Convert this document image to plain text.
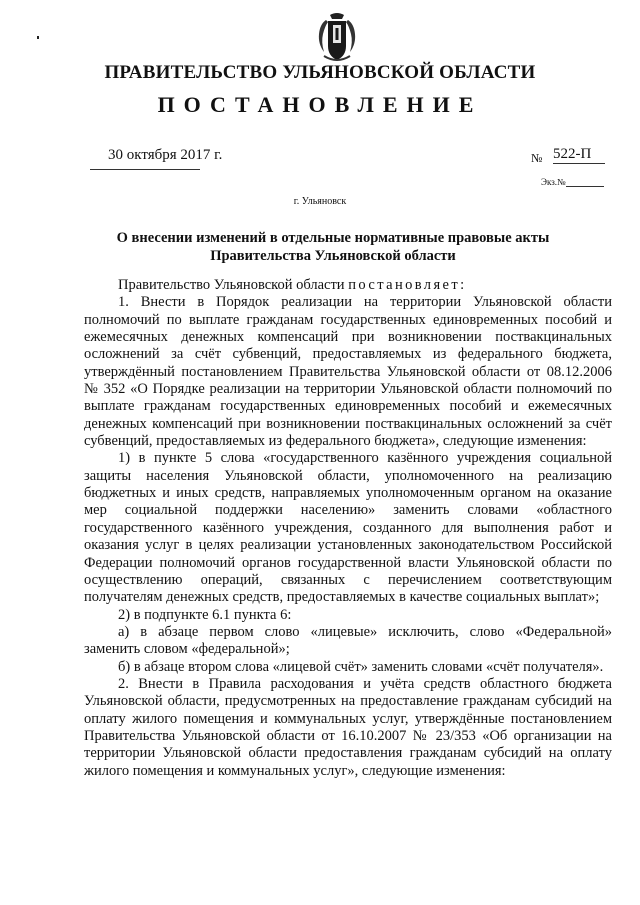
ПРАВИТЕЛЬСТВО УЛЬЯНОВСКОЙ ОБЛАСТИ
ПОСТАНОВЛЕНИЕ
30 октября 2017 г.	№ 522-П
Экз.№
г. Ульяновск
О внесении изменений в отдельные нормативные правовые акты
Правительства Ульяновской области

Правительство Ульяновской области постановляет:

1. Внести в Порядок реализации на территории Ульяновской области полномочий по выплате гражданам государственных единовременных пособий и ежемесячных денежных компенсаций при возникновении поствакцинальных осложнений за счёт субвенций, предоставляемых из федерального бюджета, утверждённый постановлением Правительства Ульяновской области от 08.12.2006 № 352 «О Порядке реализации на территории Ульяновской области полномочий по выплате гражданам государственных единовременных пособий и ежемесячных денежных компенсаций при возникновении поствакцинальных осложнений за счёт субвенций, предоставляемых из федерального бюджета», следующие изменения:

1) в пункте 5 слова «государственного казённого учреждения социальной защиты населения Ульяновской области, уполномоченного на реализацию бюджетных и иных средств, направляемых уполномоченным органом на оказание мер социальной поддержки населению» заменить словами «областного государственного казённого учреждения, созданного для выполнения работ и оказания услуг в целях реализации установленных законодательством Российской Федерации полномочий органов государственной власти Ульяновской области по осуществлению операций, связанных с перечислением соответствующим получателям денежных средств, предоставляемых в качестве социальных выплат»;

2) в подпункте 6.1 пункта 6:

а) в абзаце первом слово «лицевые» исключить, слово «Федеральной» заменить словом «федеральной»;

б) в абзаце втором слова «лицевой счёт» заменить словами «счёт получателя».

2. Внести в Правила расходования и учёта средств областного бюджета Ульяновской области, предусмотренных на предоставление гражданам субсидий на оплату жилого помещения и коммунальных услуг, утверждённые постановлением Правительства Ульяновской области от 16.10.2007 № 23/353 «Об организации на территории Ульяновской области предоставления гражданам субсидий на оплату жилого помещения и коммунальных услуг», следующие изменения:
